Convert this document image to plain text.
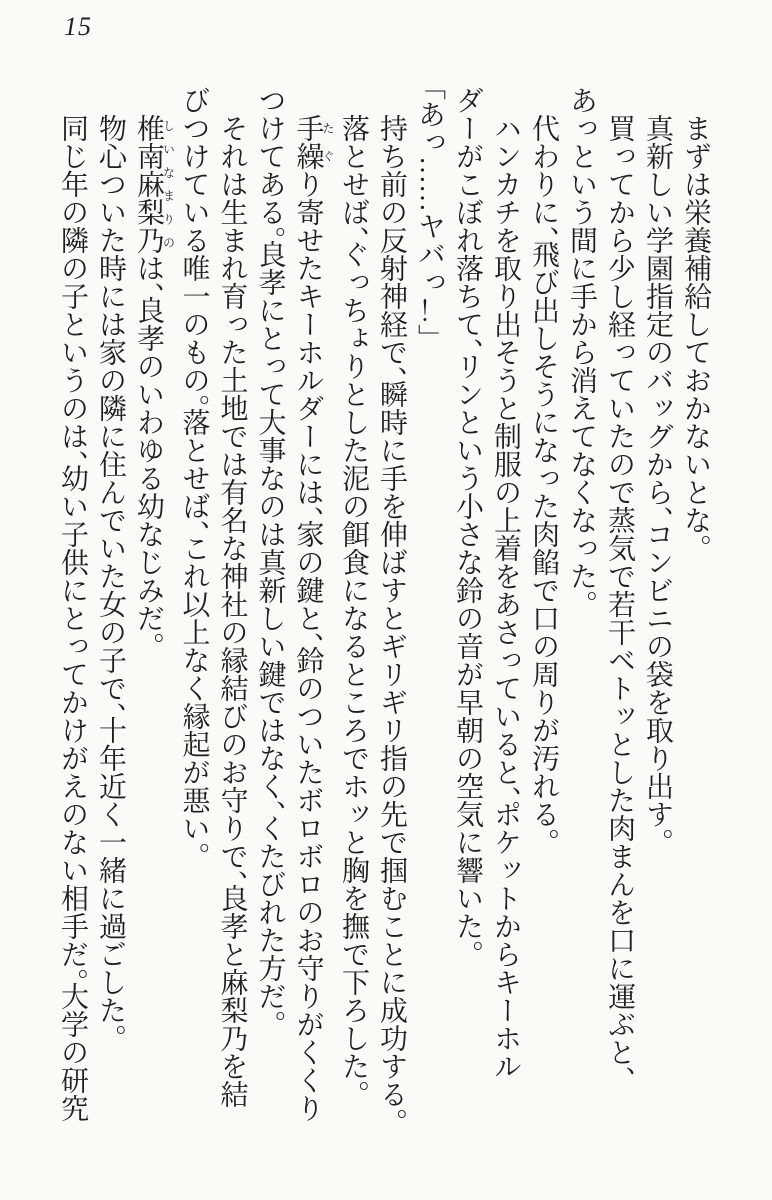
15

まずは栄養補給しておかないとな。

真新しい学園指定のバッグから、コンビニの袋を取り出す。

買ってから少し経っていたので蒸気で若干ベトッとした肉まんを口に運ぶと、あっという間に手から消えてなくなった。

代わりに、飛び出しそうになった肉餡で口の周りが汚れる。

ハンカチを取り出そうと制服の上着をあさっていると、ポケットからキーホルダーがこぼれ落ちて、リンという小さな鈴の音が早朝の空気に響いた。

「あっ……ヤバっ！」

持ち前の反射神経で、瞬時に手を伸ばすとギリギリ指の先で掴むことに成功する。

落とせば、ぐっちょりとした泥の餌食になるところでホッと胸を撫で下ろした。

手繰たぐり寄せたキーホルダーには、家の鍵と、鈴のついたボロボロのお守りがくくりつけてある。良孝にとって大事なのは真新しい鍵ではなく、くたびれた方だ。

それは生まれ育った土地では有名な神社の縁結びのお守りで、良孝と麻梨乃を結びつけている唯一のもの。落とせば、これ以上なく縁起が悪い。

椎南麻梨乃しいなまりのは、良孝のいわゆる幼なじみだ。

物心ついた時には家の隣に住んでいた女の子で、十年近く一緒に過ごした。

同じ年の隣の子というのは、幼い子供にとってかけがえのない相手だ。大学の研究
